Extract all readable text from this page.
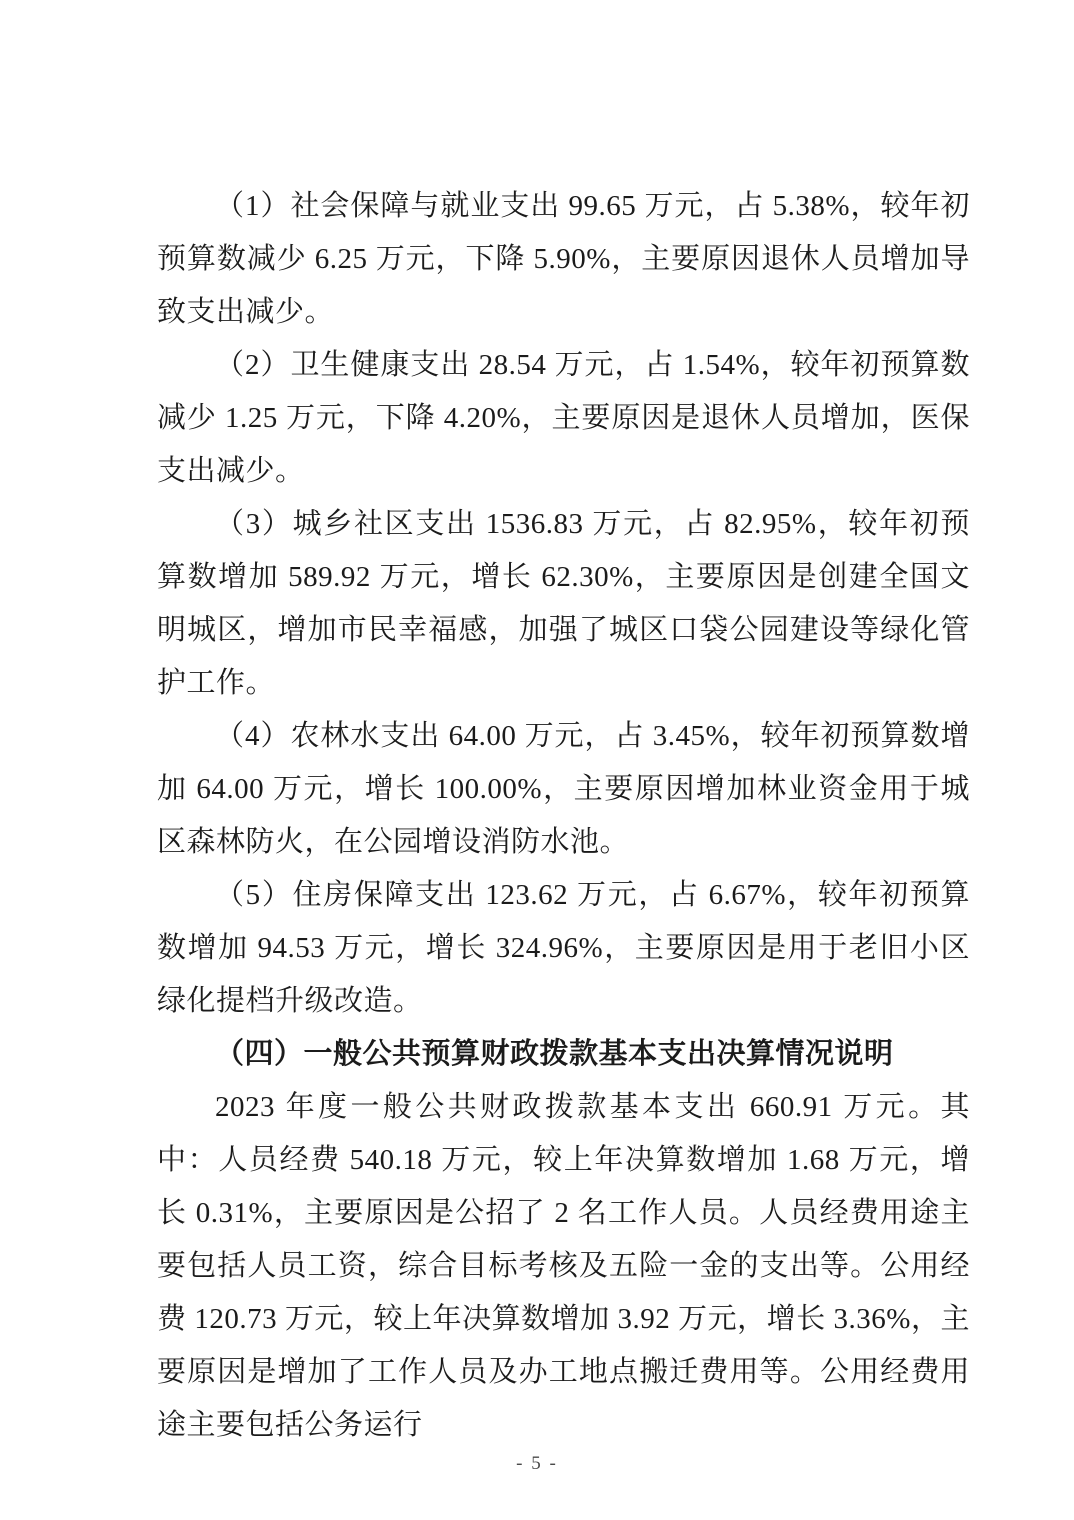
（1）社会保障与就业支出 99.65 万元，占 5.38%，较年初预算数减少 6.25 万元，下降 5.90%，主要原因退休人员增加导致支出减少。

（2）卫生健康支出 28.54 万元，占 1.54%，较年初预算数减少 1.25 万元，下降 4.20%，主要原因是退休人员增加，医保支出减少。

（3）城乡社区支出 1536.83 万元，占 82.95%，较年初预算数增加 589.92 万元，增长 62.30%，主要原因是创建全国文明城区，增加市民幸福感，加强了城区口袋公园建设等绿化管护工作。

（4）农林水支出 64.00 万元，占 3.45%，较年初预算数增加 64.00 万元，增长 100.00%，主要原因增加林业资金用于城区森林防火，在公园增设消防水池。

（5）住房保障支出 123.62 万元，占 6.67%，较年初预算数增加 94.53 万元，增长 324.96%，主要原因是用于老旧小区绿化提档升级改造。

（四）一般公共预算财政拨款基本支出决算情况说明

2023 年度一般公共财政拨款基本支出 660.91 万元。其中：人员经费 540.18 万元，较上年决算数增加 1.68 万元，增长 0.31%，主要原因是公招了 2 名工作人员。人员经费用途主要包括人员工资，综合目标考核及五险一金的支出等。公用经费 120.73 万元，较上年决算数增加 3.92 万元，增长 3.36%，主要原因是增加了工作人员及办工地点搬迁费用等。公用经费用途主要包括公务运行

- 5 -
